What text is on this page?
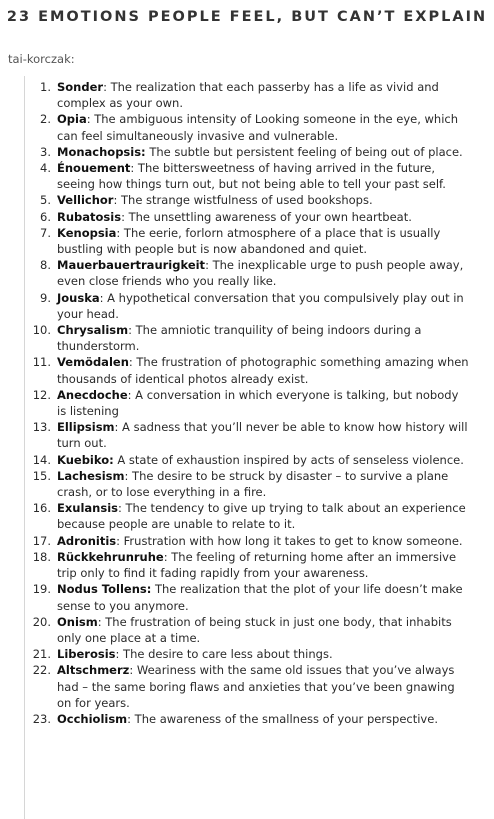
23 EMOTIONS PEOPLE FEEL, BUT CAN’T EXPLAIN
tai-korczak:
1. Sonder: The realization that each passerby has a life as vivid and complex as your own.
2. Opia: The ambiguous intensity of Looking someone in the eye, which can feel simultaneously invasive and vulnerable.
3. Monachopsis: The subtle but persistent feeling of being out of place.
4. Énouement: The bittersweetness of having arrived in the future, seeing how things turn out, but not being able to tell your past self.
5. Vellichor: The strange wistfulness of used bookshops.
6. Rubatosis: The unsettling awareness of your own heartbeat.
7. Kenopsia: The eerie, forlorn atmosphere of a place that is usually bustling with people but is now abandoned and quiet.
8. Mauerbauertraurigkeit: The inexplicable urge to push people away, even close friends who you really like.
9. Jouska: A hypothetical conversation that you compulsively play out in your head.
10. Chrysalism: The amniotic tranquility of being indoors during a thunderstorm.
11. Vemödalen: The frustration of photographic something amazing when thousands of identical photos already exist.
12. Anecdoche: A conversation in which everyone is talking, but nobody is listening
13. Ellipsism: A sadness that you’ll never be able to know how history will turn out.
14. Kuebiko: A state of exhaustion inspired by acts of senseless violence.
15. Lachesism: The desire to be struck by disaster – to survive a plane crash, or to lose everything in a fire.
16. Exulansis: The tendency to give up trying to talk about an experience because people are unable to relate to it.
17. Adronitis: Frustration with how long it takes to get to know someone.
18. Rückkehrunruhe: The feeling of returning home after an immersive trip only to find it fading rapidly from your awareness.
19. Nodus Tollens: The realization that the plot of your life doesn’t make sense to you anymore.
20. Onism: The frustration of being stuck in just one body, that inhabits only one place at a time.
21. Liberosis: The desire to care less about things.
22. Altschmerz: Weariness with the same old issues that you’ve always had – the same boring flaws and anxieties that you’ve been gnawing on for years.
23. Occhiolism: The awareness of the smallness of your perspective.
